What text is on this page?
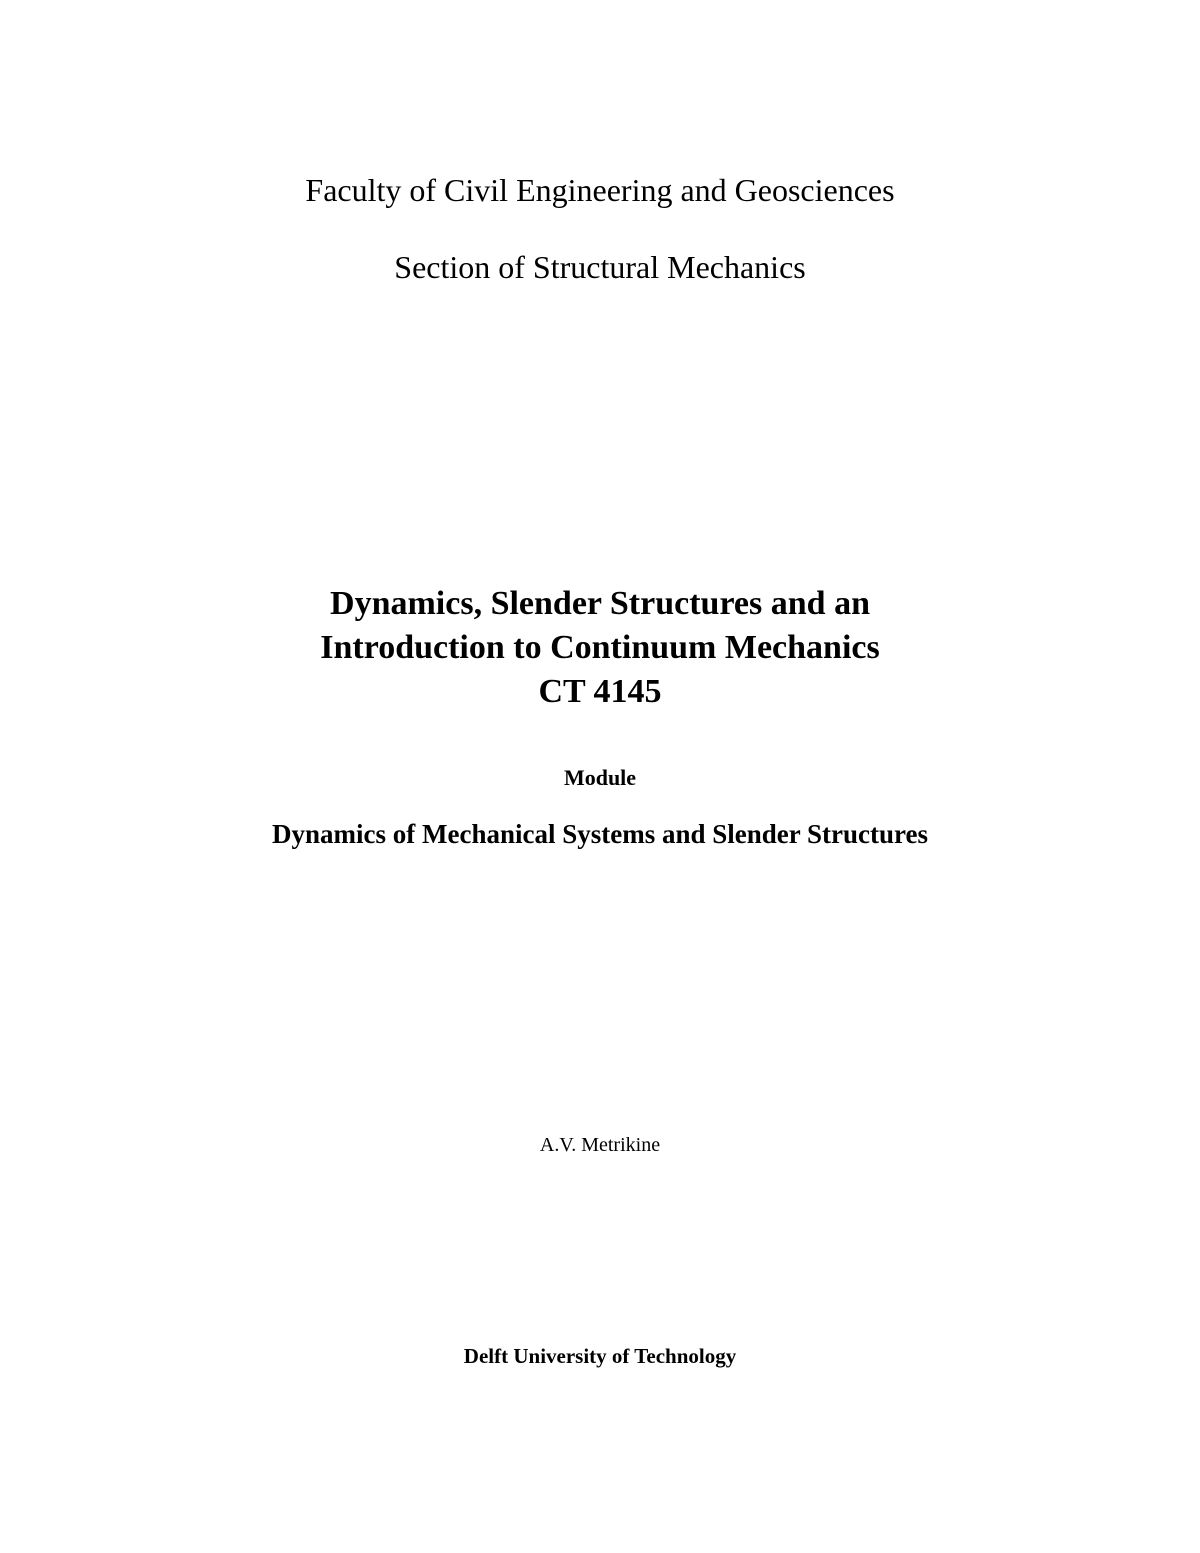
Faculty of Civil Engineering and Geosciences
Section of Structural Mechanics
Dynamics, Slender Structures and an
Introduction to Continuum Mechanics
CT 4145
Module
Dynamics of Mechanical Systems and Slender Structures
A.V. Metrikine
Delft University of Technology
